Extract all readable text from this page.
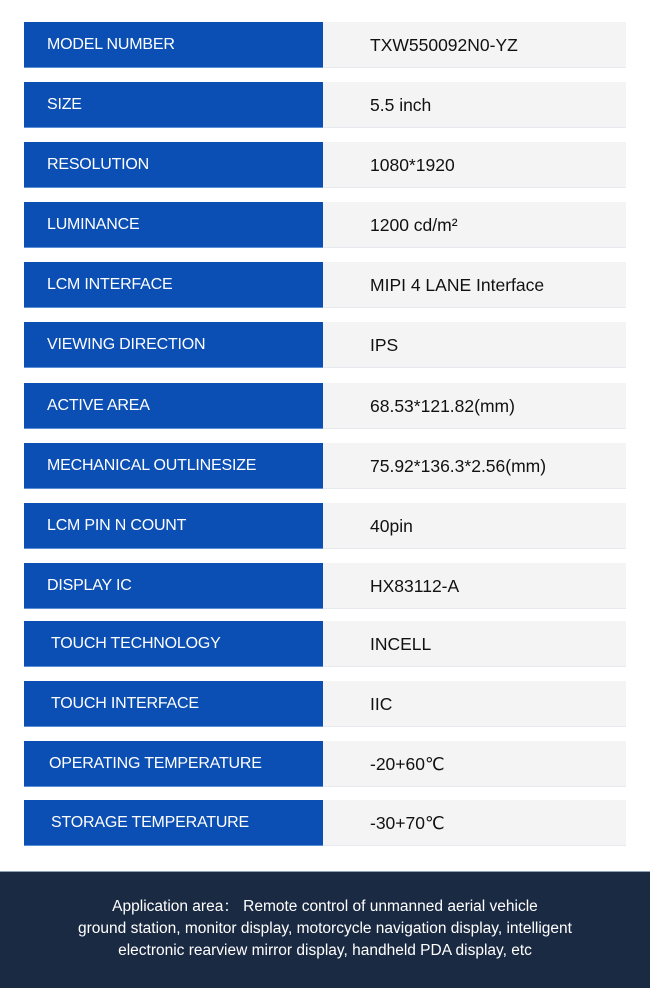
MODEL NUMBER	TXW550092N0-YZ
SIZE	5.5 inch
RESOLUTION	1080*1920
LUMINANCE	1200 cd/m²
LCM INTERFACE	MIPI 4 LANE Interface
VIEWING DIRECTION	IPS
ACTIVE AREA	68.53*121.82(mm)
MECHANICAL OUTLINESIZE	75.92*136.3*2.56(mm)
LCM PIN N COUNT	40pin
DISPLAY IC	HX83112-A
TOUCH TECHNOLOGY	INCELL
TOUCH INTERFACE	IIC
OPERATING TEMPERATURE	-20+60℃
STORAGE TEMPERATURE	-30+70℃
Application area： Remote control of unmanned aerial vehicle
ground station, monitor display, motorcycle navigation display, intelligent
electronic rearview mirror display, handheld PDA display, etc
